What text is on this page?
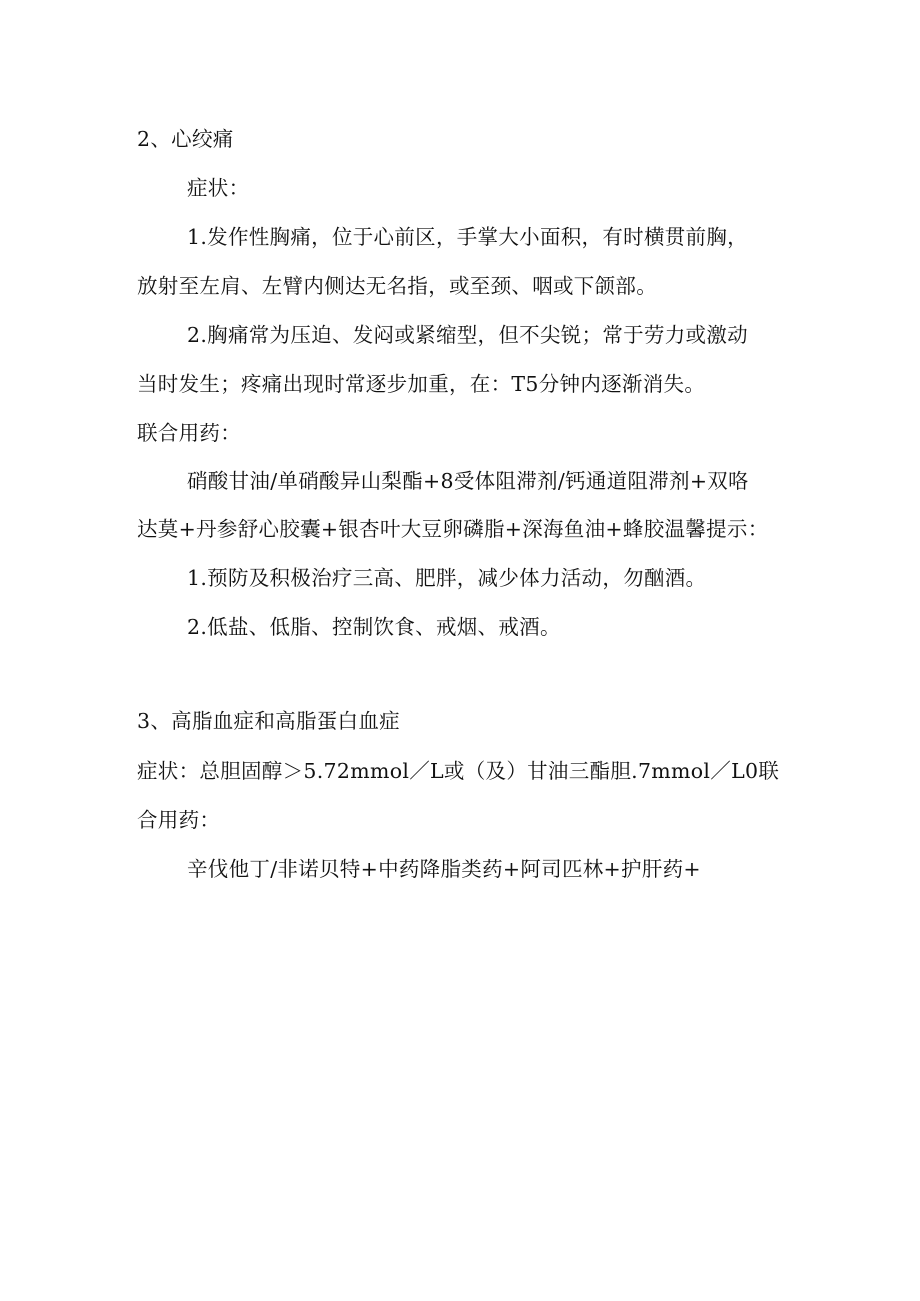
2、心绞痛
症状：
1.发作性胸痛，位于心前区，手掌大小面积，有时横贯前胸，
放射至左肩、左臂内侧达无名指，或至颈、咽或下颌部。
2.胸痛常为压迫、发闷或紧缩型，但不尖锐；常于劳力或激动
当时发生；疼痛出现时常逐步加重，在：T5分钟内逐渐消失。
联合用药：
硝酸甘油/单硝酸异山梨酯+8受体阻滞剂/钙通道阻滞剂+双咯
达莫+丹参舒心胶囊+银杏叶大豆卵磷脂+深海鱼油+蜂胶温馨提示：
1.预防及积极治疗三高、肥胖，减少体力活动，勿酗酒。
2.低盐、低脂、控制饮食、戒烟、戒酒。
3、高脂血症和高脂蛋白血症
症状：总胆固醇＞5.72mmol／L或（及）甘油三酯胆.7mmol／L0联
合用药：
辛伐他丁/非诺贝特+中药降脂类药+阿司匹林+护肝药+
